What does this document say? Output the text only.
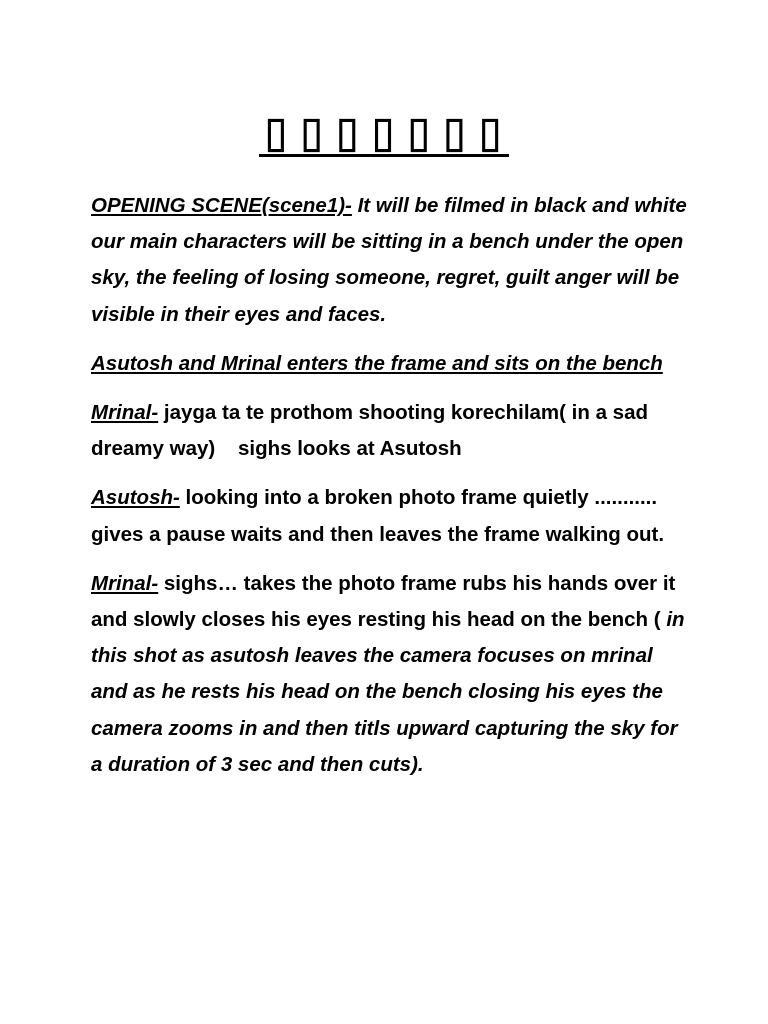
▯▯▯▯▯▯▯

OPENING SCENE(scene1)- It will be filmed in black and white our main characters will be sitting in a bench under the open sky, the feeling of losing someone, regret, guilt anger will be visible in their eyes and faces.

Asutosh and Mrinal enters the frame and sits on the bench

Mrinal- jayga ta te prothom shooting korechilam( in a sad dreamy way)    sighs looks at Asutosh

Asutosh- looking into a broken photo frame quietly ........... gives a pause waits and then leaves the frame walking out.

Mrinal- sighs… takes the photo frame rubs his hands over it and slowly closes his eyes resting his head on the bench ( in this shot as asutosh leaves the camera focuses on mrinal and as he rests his head on the bench closing his eyes the camera zooms in and then titls upward capturing the sky for a duration of 3 sec and then cuts).
